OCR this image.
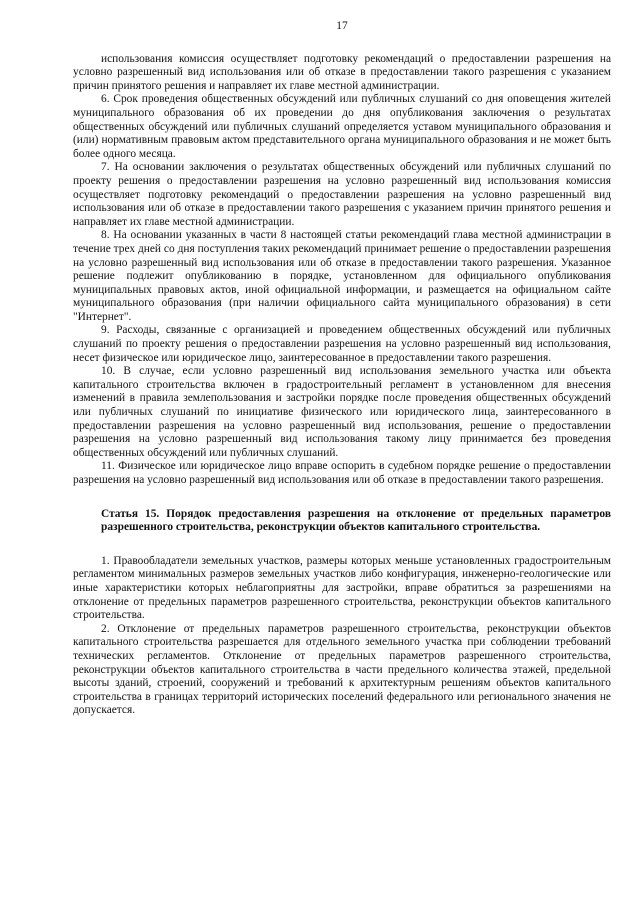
17

использования комиссия осуществляет подготовку рекомендаций о предоставлении разрешения на условно разрешенный вид использования или об отказе в предоставлении такого разрешения с указанием причин принятого решения и направляет их главе местной администрации.

6. Срок проведения общественных обсуждений или публичных слушаний со дня оповещения жителей муниципального образования об их проведении до дня опубликования заключения о результатах общественных обсуждений или публичных слушаний определяется уставом муниципального образования и (или) нормативным правовым актом представительного органа муниципального образования и не может быть более одного месяца.

7. На основании заключения о результатах общественных обсуждений или публичных слушаний по проекту решения о предоставлении разрешения на условно разрешенный вид использования комиссия осуществляет подготовку рекомендаций о предоставлении разрешения на условно разрешенный вид использования или об отказе в предоставлении такого разрешения с указанием причин принятого решения и направляет их главе местной администрации.

8. На основании указанных в части 8 настоящей статьи рекомендаций глава местной администрации в течение трех дней со дня поступления таких рекомендаций принимает решение о предоставлении разрешения на условно разрешенный вид использования или об отказе в предоставлении такого разрешения. Указанное решение подлежит опубликованию в порядке, установленном для официального опубликования муниципальных правовых актов, иной официальной информации, и размещается на официальном сайте муниципального образования (при наличии официального сайта муниципального образования) в сети "Интернет".

9. Расходы, связанные с организацией и проведением общественных обсуждений или публичных слушаний по проекту решения о предоставлении разрешения на условно разрешенный вид использования, несет физическое или юридическое лицо, заинтересованное в предоставлении такого разрешения.

10. В случае, если условно разрешенный вид использования земельного участка или объекта капитального строительства включен в градостроительный регламент в установленном для внесения изменений в правила землепользования и застройки порядке после проведения общественных обсуждений или публичных слушаний по инициативе физического или юридического лица, заинтересованного в предоставлении разрешения на условно разрешенный вид использования, решение о предоставлении разрешения на условно разрешенный вид использования такому лицу принимается без проведения общественных обсуждений или публичных слушаний.

11. Физическое или юридическое лицо вправе оспорить в судебном порядке решение о предоставлении разрешения на условно разрешенный вид использования или об отказе в предоставлении такого разрешения.

Статья 15. Порядок предоставления разрешения на отклонение от предельных параметров разрешенного строительства, реконструкции объектов капитального строительства.

1. Правообладатели земельных участков, размеры которых меньше установленных градостроительным регламентом минимальных размеров земельных участков либо конфигурация, инженерно-геологические или иные характеристики которых неблагоприятны для застройки, вправе обратиться за разрешениями на отклонение от предельных параметров разрешенного строительства, реконструкции объектов капитального строительства.

2. Отклонение от предельных параметров разрешенного строительства, реконструкции объектов капитального строительства разрешается для отдельного земельного участка при соблюдении требований технических регламентов. Отклонение от предельных параметров разрешенного строительства, реконструкции объектов капитального строительства в части предельного количества этажей, предельной высоты зданий, строений, сооружений и требований к архитектурным решениям объектов капитального строительства в границах территорий исторических поселений федерального или регионального значения не допускается.
